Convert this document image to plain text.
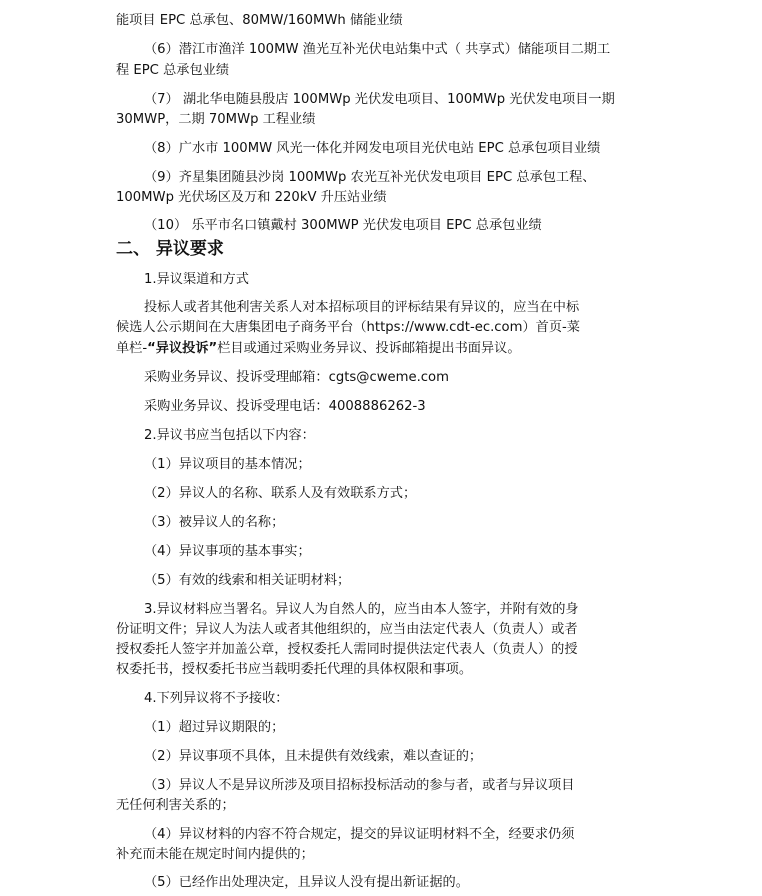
能项目 EPC 总承包、80MW/160MWh 储能业绩
（6）潜江市渔洋 100MW 渔光互补光伏电站集中式（ 共享式）储能项目二期工
程 EPC 总承包业绩
（7） 湖北华电随县殷店 100MWp 光伏发电项目、100MWp 光伏发电项目一期
30MWP，二期 70MWp 工程业绩
（8）广水市 100MW 风光一体化并网发电项目光伏电站 EPC 总承包项目业绩
（9）齐星集团随县沙岗 100MWp 农光互补光伏发电项目 EPC 总承包工程、
100MWp 光伏场区及万和 220kV 升压站业绩
（10） 乐平市名口镇戴村 300MWP 光伏发电项目 EPC 总承包业绩
二、 异议要求
1.异议渠道和方式
投标人或者其他利害关系人对本招标项目的评标结果有异议的，应当在中标
候选人公示期间在大唐集团电子商务平台（https://www.cdt-ec.com）首页-菜
单栏-“异议投诉”栏目或通过采购业务异议、投诉邮箱提出书面异议。
采购业务异议、投诉受理邮箱：cgts@cweme.com
采购业务异议、投诉受理电话：4008886262-3
2.异议书应当包括以下内容：
（1）异议项目的基本情况；
（2）异议人的名称、联系人及有效联系方式；
（3）被异议人的名称；
（4）异议事项的基本事实；
（5）有效的线索和相关证明材料；
3.异议材料应当署名。异议人为自然人的，应当由本人签字，并附有效的身
份证明文件；异议人为法人或者其他组织的，应当由法定代表人（负责人）或者
授权委托人签字并加盖公章，授权委托人需同时提供法定代表人（负责人）的授
权委托书，授权委托书应当载明委托代理的具体权限和事项。
4.下列异议将不予接收：
（1）超过异议期限的；
（2）异议事项不具体，且未提供有效线索，难以查证的；
（3）异议人不是异议所涉及项目招标投标活动的参与者，或者与异议项目
无任何利害关系的；
（4）异议材料的内容不符合规定，提交的异议证明材料不全，经要求仍须
补充而未能在规定时间内提供的；
（5）已经作出处理决定，且异议人没有提出新证据的。
